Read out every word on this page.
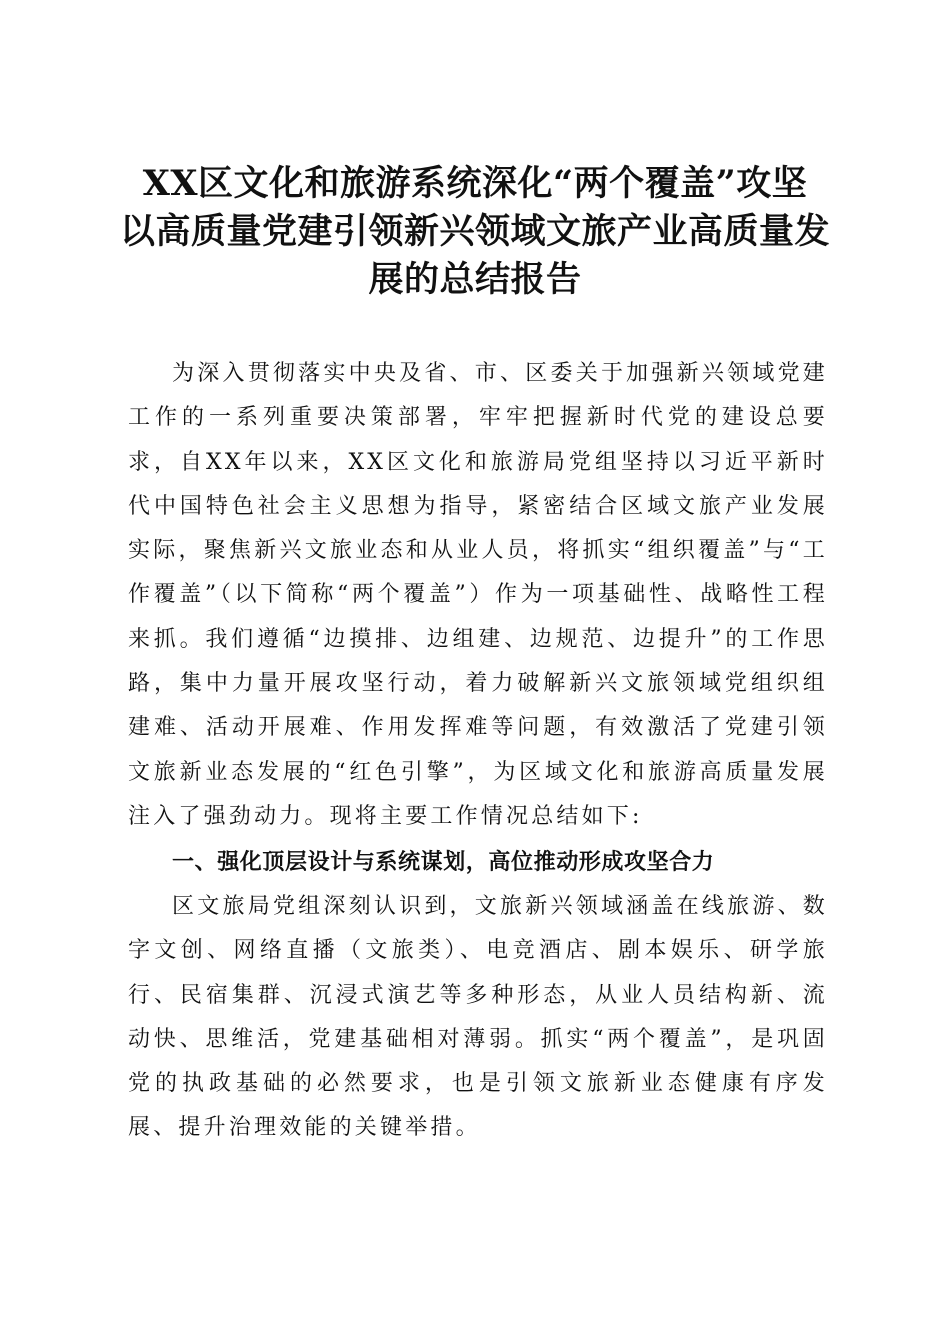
XX区文化和旅游系统深化“两个覆盖”攻坚
以高质量党建引领新兴领域文旅产业高质量发
展的总结报告

为深入贯彻落实中央及省、市、区委关于加强新兴领域党建工作的一系列重要决策部署，牢牢把握新时代党的建设总要求，自XX年以来，XX区文化和旅游局党组坚持以习近平新时代中国特色社会主义思想为指导，紧密结合区域文旅产业发展实际，聚焦新兴文旅业态和从业人员，将抓实“组织覆盖”与“工作覆盖”（以下简称“两个覆盖”）作为一项基础性、战略性工程来抓。我们遵循“边摸排、边组建、边规范、边提升”的工作思路，集中力量开展攻坚行动，着力破解新兴文旅领域党组织组建难、活动开展难、作用发挥难等问题，有效激活了党建引领文旅新业态发展的“红色引擎”，为区域文化和旅游高质量发展注入了强劲动力。现将主要工作情况总结如下:

一、强化顶层设计与系统谋划，高位推动形成攻坚合力

区文旅局党组深刻认识到，文旅新兴领域涵盖在线旅游、数字文创、网络直播（文旅类）、电竞酒店、剧本娱乐、研学旅行、民宿集群、沉浸式演艺等多种形态，从业人员结构新、流动快、思维活，党建基础相对薄弱。抓实“两个覆盖”，是巩固党的执政基础的必然要求，也是引领文旅新业态健康有序发展、提升治理效能的关键举措。
